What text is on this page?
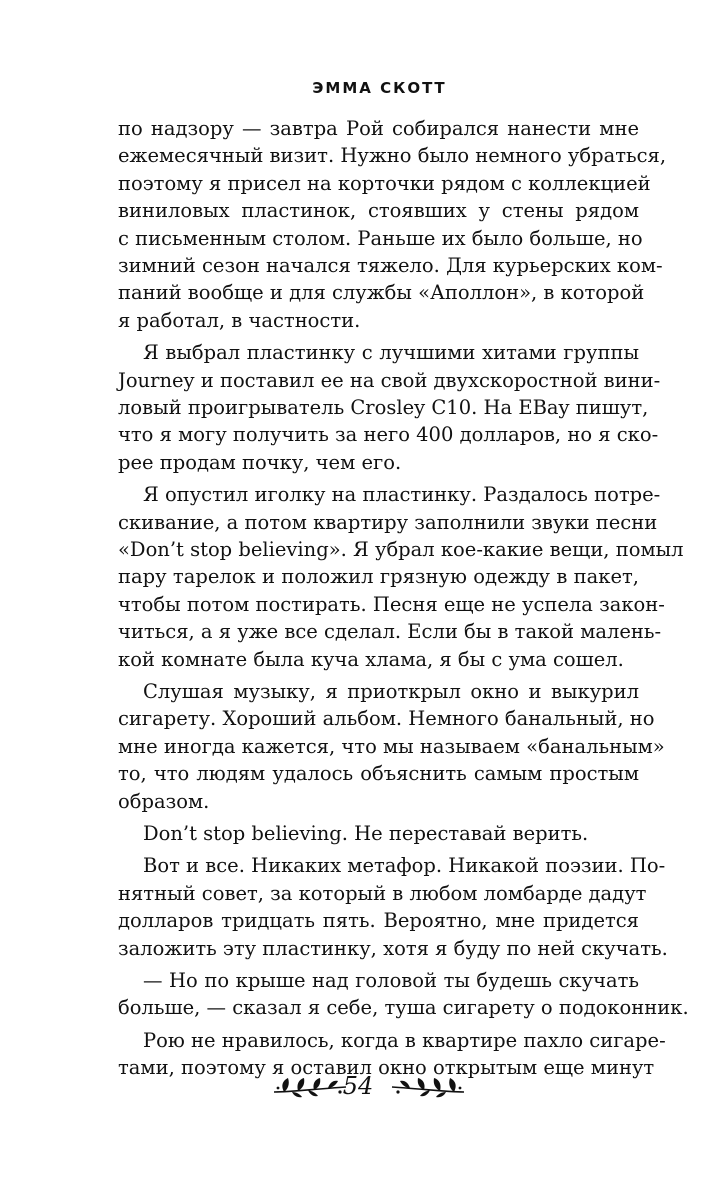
ЭММА СКОТТ
по надзору — завтра Рой собирался нанести мне
ежемесячный визит. Нужно было немного убраться,
поэтому я присел на корточки рядом с коллекцией
виниловых пластинок, стоявших у стены рядом
с письменным столом. Раньше их было больше, но
зимний сезон начался тяжело. Для курьерских ком-
паний вообще и для службы «Аполлон», в которой
я работал, в частности.
Я выбрал пластинку с лучшими хитами группы
Journey и поставил ее на свой двухскоростной вини-
ловый проигрыватель Crosley C10. На EBay пишут,
что я могу получить за него 400 долларов, но я ско-
рее продам почку, чем его.
Я опустил иголку на пластинку. Раздалось потре-
скивание, а потом квартиру заполнили звуки песни
«Don’t stop believing». Я убрал кое-какие вещи, помыл
пару тарелок и положил грязную одежду в пакет,
чтобы потом постирать. Песня еще не успела закон-
читься, а я уже все сделал. Если бы в такой малень-
кой комнате была куча хлама, я бы с ума сошел.
Слушая музыку, я приоткрыл окно и выкурил
сигарету. Хороший альбом. Немного банальный, но
мне иногда кажется, что мы называем «банальным»
то, что людям удалось объяснить самым простым
образом.
Don’t stop believing. Не переставай верить.
Вот и все. Никаких метафор. Никакой поэзии. По-
нятный совет, за который в любом ломбарде дадут
долларов тридцать пять. Вероятно, мне придется
заложить эту пластинку, хотя я буду по ней скучать.
— Но по крыше над головой ты будешь скучать
больше, — сказал я себе, туша сигарету о подоконник.
Рою не нравилось, когда в квартире пахло сигаре-
тами, поэтому я оставил окно открытым еще минут
54
